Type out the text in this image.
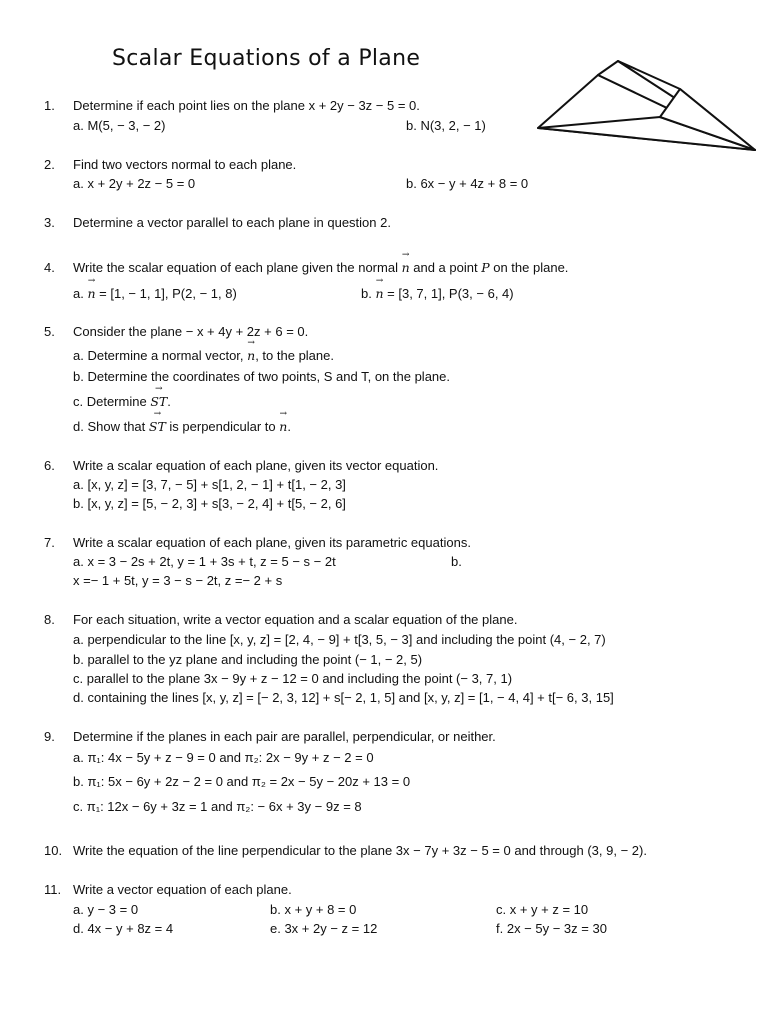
Scalar Equations of a Plane
1. Determine if each point lies on the plane x + 2y − 3z − 5 = 0.
a. M(5, − 3, − 2)	b. N(3, 2, − 1)
2. Find two vectors normal to each plane.
a. x + 2y + 2z − 5 = 0	b. 6x − y + 4z + 8 = 0
3. Determine a vector parallel to each plane in question 2.
4. Write the scalar equation of each plane given the normal → n and a point P on the plane.
a. → n = [1, − 1, 1], P(2, − 1, 8)	b. → n = [3, 7, 1], P(3, − 6, 4)
5. Consider the plane − x + 4y + 2z + 6 = 0.
a. Determine a normal vector, → n, to the plane.
b. Determine the coordinates of two points, S and T, on the plane.
c. Determine → ST.
d. Show that → ST is perpendicular to → n.
6. Write a scalar equation of each plane, given its vector equation.
a. [x, y, z] = [3, 7, − 5] + s[1, 2, − 1] + t[1, − 2, 3]
b. [x, y, z] = [5, − 2, 3] + s[3, − 2, 4] + t[5, − 2, 6]
7. Write a scalar equation of each plane, given its parametric equations.
a. x = 3 − 2s + 2t, y = 1 + 3s + t, z = 5 − s − 2t	b.
x =− 1 + 5t, y = 3 − s − 2t, z =− 2 + s
8. For each situation, write a vector equation and a scalar equation of the plane.
a. perpendicular to the line [x, y, z] = [2, 4, − 9] + t[3, 5, − 3] and including the point (4, − 2, 7)
b. parallel to the yz plane and including the point (− 1, − 2, 5)
c. parallel to the plane 3x − 9y + z − 12 = 0 and including the point (− 3, 7, 1)
d. containing the lines [x, y, z] = [− 2, 3, 12] + s[− 2, 1, 5] and [x, y, z] = [1, − 4, 4] + t[− 6, 3, 15]
9. Determine if the planes in each pair are parallel, perpendicular, or neither.
a. π₁: 4x − 5y + z − 9 = 0 and π₂: 2x − 9y + z − 2 = 0
b. π₁: 5x − 6y + 2z − 2 = 0 and π₂ = 2x − 5y − 20z + 13 = 0
c. π₁: 12x − 6y + 3z = 1 and π₂: − 6x + 3y − 9z = 8
10. Write the equation of the line perpendicular to the plane 3x − 7y + 3z − 5 = 0 and through (3, 9, − 2).
11. Write a vector equation of each plane.
a. y − 3 = 0	b. x + y + 8 = 0	c. x + y + z = 10
d. 4x − y + 8z = 4	e. 3x + 2y − z = 12	f. 2x − 5y − 3z = 30
